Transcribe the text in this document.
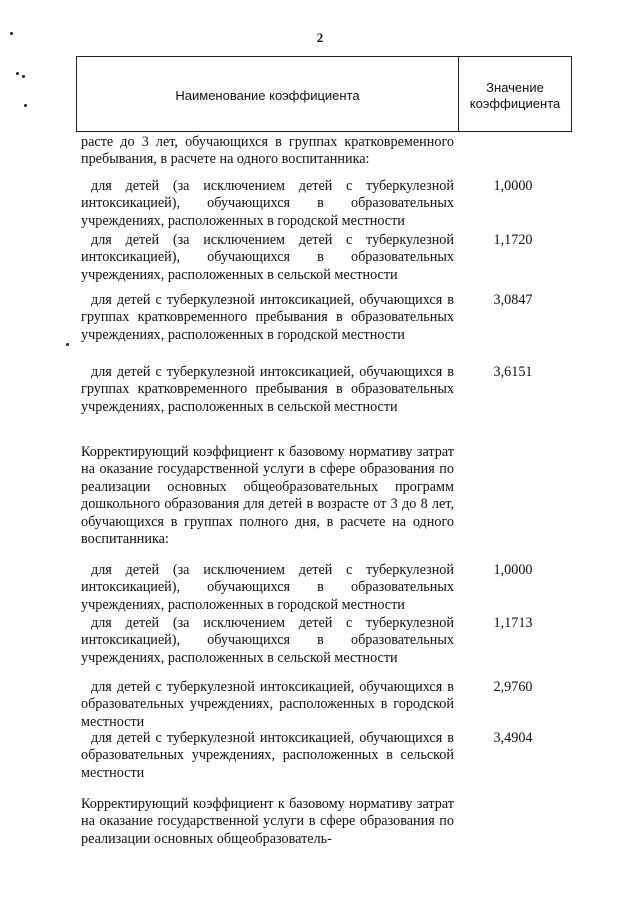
2
Наименование коэффициента	Значение
коэффициента
расте до 3 лет, обучающихся в группах кратковременного пребывания, в расчете на одного воспитанника:
для детей (за исключением детей с туберкулезной интоксикацией), обучающихся в образовательных учреждениях, расположенных в городской местности
1,0000
для детей (за исключением детей с туберкулезной интоксикацией), обучающихся в образовательных учреждениях, расположенных в сельской местности
1,1720
для детей с туберкулезной интоксикацией, обучающихся в группах кратковременного пребывания в образовательных учреждениях, расположенных в городской местности
3,0847
для детей с туберкулезной интоксикацией, обучающихся в группах кратковременного пребывания в образовательных учреждениях, расположенных в сельской местности
3,6151
Корректирующий коэффициент к базовому нормативу затрат на оказание государственной услуги в сфере образования по реализации основных общеобразовательных программ дошкольного образования для детей в возрасте от 3 до 8 лет, обучающихся в группах полного дня, в расчете на одного воспитанника:
для детей (за исключением детей с туберкулезной интоксикацией), обучающихся в образовательных учреждениях, расположенных в городской местности
1,0000
для детей (за исключением детей с туберкулезной интоксикацией), обучающихся в образовательных учреждениях, расположенных в сельской местности
1,1713
для детей с туберкулезной интоксикацией, обучающихся в образовательных учреждениях, расположенных в городской местности
2,9760
для детей с туберкулезной интоксикацией, обучающихся в образовательных учреждениях, расположенных в сельской местности
3,4904
Корректирующий коэффициент к базовому нормативу затрат на оказание государственной услуги в сфере образования по реализации основных общеобразователь-
